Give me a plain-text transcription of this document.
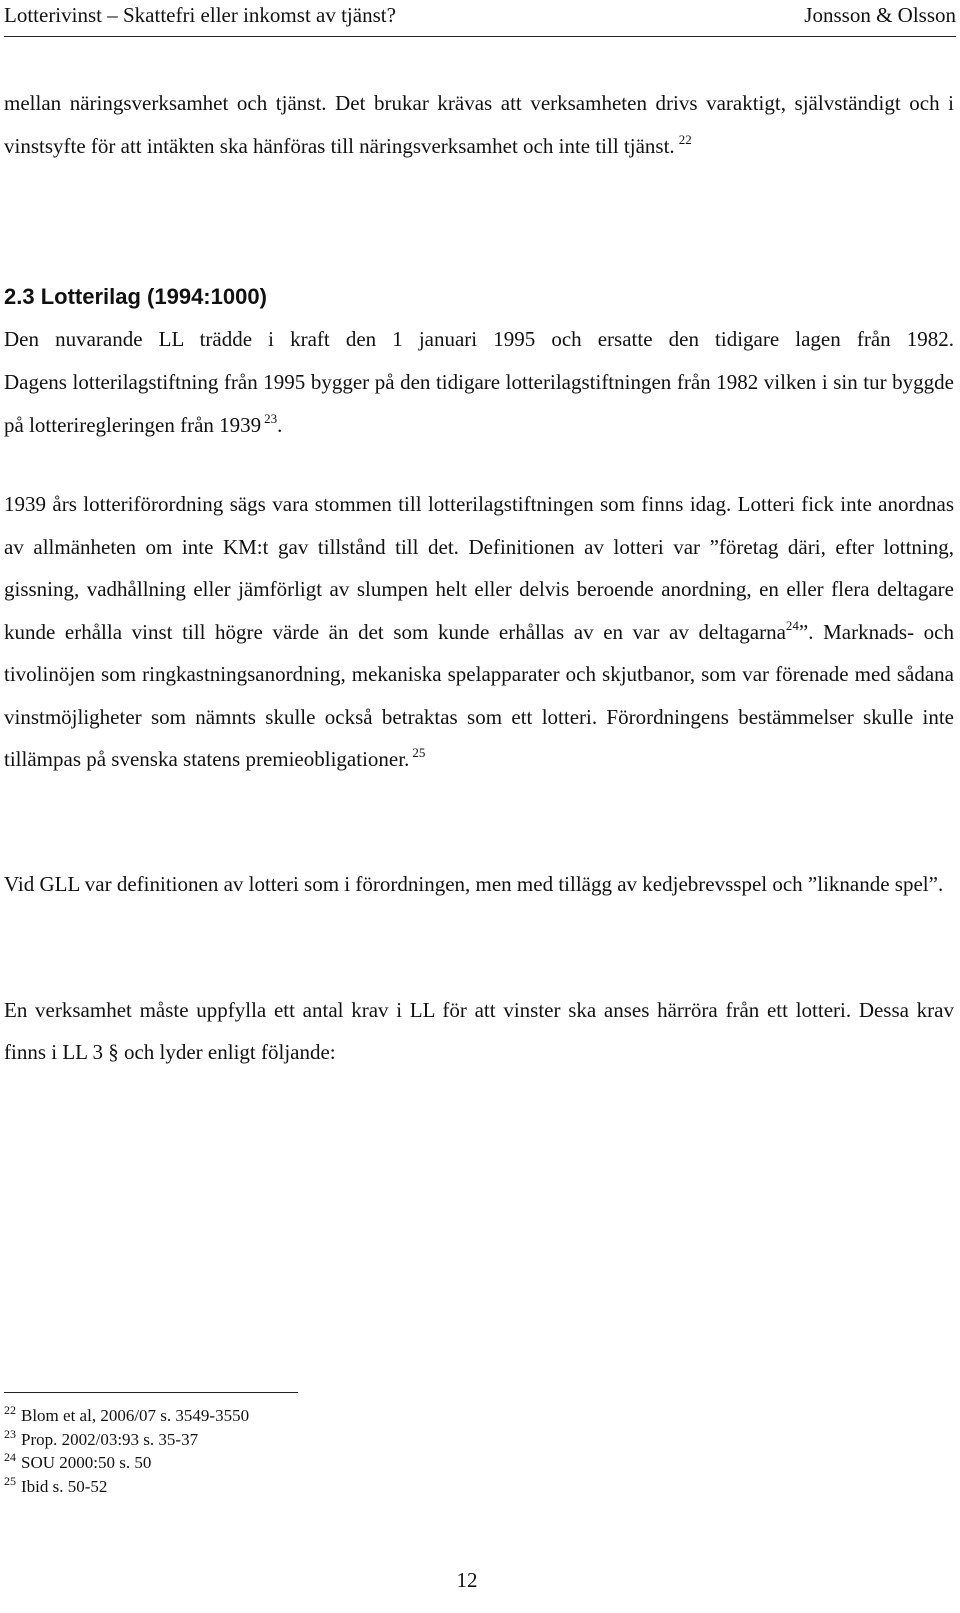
Lotterivinst – Skattefri eller inkomst av tjänst?	Jonsson & Olsson
mellan näringsverksamhet och tjänst. Det brukar krävas att verksamheten drivs varaktigt, självständigt och i vinstsyfte för att intäkten ska hänföras till näringsverksamhet och inte till tjänst. $^{22}$
2.3 Lotterilag (1994:1000)
Den nuvarande LL trädde i kraft den 1 januari 1995 och ersatte den tidigare lagen från 1982.
Dagens lotterilagstiftning från 1995 bygger på den tidigare lotterilagstiftningen från 1982 vilken i sin tur byggde på lotteriregleringen från 1939 $^{23}$.
1939 års lotteriförordning sägs vara stommen till lotterilagstiftningen som finns idag. Lotteri fick inte anordnas av allmänheten om inte KM:t gav tillstånd till det. Definitionen av lotteri var ”företag däri, efter lottning, gissning, vadhållning eller jämförligt av slumpen helt eller delvis beroende anordning, en eller flera deltagare kunde erhålla vinst till högre värde än det som kunde erhållas av en var av deltagarna$^{24}$”. Marknads- och tivolinöjen som ringkastningsanordning, mekaniska spelapparater och skjutbanor, som var förenade med sådana vinstmöjligheter som nämnts skulle också betraktas som ett lotteri. Förordningens bestämmelser skulle inte tillämpas på svenska statens premieobligationer. $^{25}$
Vid GLL var definitionen av lotteri som i förordningen, men med tillägg av kedjebrevsspel och ”liknande spel”.
En verksamhet måste uppfylla ett antal krav i LL för att vinster ska anses härröra från ett lotteri. Dessa krav finns i LL 3 § och lyder enligt följande:
$^{22}$ Blom et al, 2006/07 s. 3549-3550
$^{23}$ Prop. 2002/03:93 s. 35-37
$^{24}$ SOU 2000:50 s. 50
$^{25}$ Ibid s. 50-52
12
